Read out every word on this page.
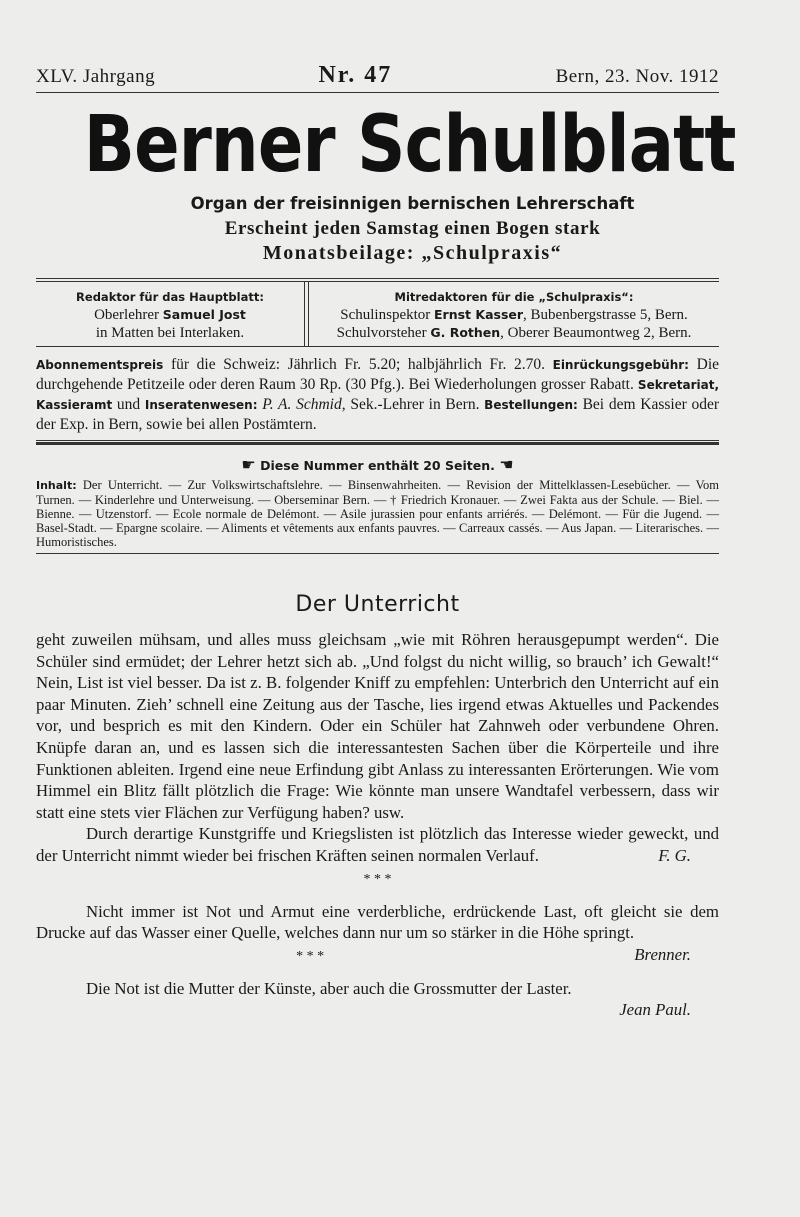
XLV. Jahrgang	Nr. 47	Bern, 23. Nov. 1912
Berner Schulblatt
Organ der freisinnigen bernischen Lehrerschaft
Erscheint jeden Samstag einen Bogen stark
Monatsbeilage: „Schulpraxis“
Redaktor für das Hauptblatt:
Oberlehrer Samuel Jost
in Matten bei Interlaken.
Mitredaktoren für die „Schulpraxis“:
Schulinspektor Ernst Kasser, Bubenbergstrasse 5, Bern.
Schulvorsteher G. Rothen, Oberer Beaumontweg 2, Bern.
Abonnementspreis für die Schweiz: Jährlich Fr. 5.20; halbjährlich Fr. 2.70. Einrückungsgebühr: Die durchgehende Petitzeile oder deren Raum 30 Rp. (30 Pfg.). Bei Wiederholungen grosser Rabatt. Sekretariat, Kassieramt und Inseratenwesen: P. A. Schmid, Sek.-Lehrer in Bern. Bestellungen: Bei dem Kassier oder der Exp. in Bern, sowie bei allen Postämtern.
☛ Diese Nummer enthält 20 Seiten. ☚
Inhalt: Der Unterricht. — Zur Volkswirtschaftslehre. — Binsenwahrheiten. — Revision der Mittelklassen-Lesebücher. — Vom Turnen. — Kinderlehre und Unterweisung. — Oberseminar Bern. — † Friedrich Kronauer. — Zwei Fakta aus der Schule. — Biel. — Bienne. — Utzenstorf. — Ecole normale de Delémont. — Asile jurassien pour enfants arriérés. — Delémont. — Für die Jugend. — Basel-Stadt. — Epargne scolaire. — Aliments et vêtements aux enfants pauvres. — Carreaux cassés. — Aus Japan. — Literarisches. — Humoristisches.
Der Unterricht

geht zuweilen mühsam, und alles muss gleichsam „wie mit Röhren herausgepumpt werden“. Die Schüler sind ermüdet; der Lehrer hetzt sich ab. „Und folgst du nicht willig, so brauch’ ich Gewalt!“ Nein, List ist viel besser. Da ist z. B. folgender Kniff zu empfehlen: Unterbrich den Unterricht auf ein paar Minuten. Zieh’ schnell eine Zeitung aus der Tasche, lies irgend etwas Aktuelles und Packendes vor, und besprich es mit den Kindern. Oder ein Schüler hat Zahnweh oder verbundene Ohren. Knüpfe daran an, und es lassen sich die interessantesten Sachen über die Körperteile und ihre Funktionen ableiten. Irgend eine neue Erfindung gibt Anlass zu interessanten Erörterungen. Wie vom Himmel ein Blitz fällt plötzlich die Frage: Wie könnte man unsere Wandtafel verbessern, dass wir statt eine stets vier Flächen zur Verfügung haben? usw.

Durch derartige Kunstgriffe und Kriegslisten ist plötzlich das Interesse wieder geweckt, und der Unterricht nimmt wieder bei frischen Kräften seinen normalen Verlauf.	F. G.

* * *

Nicht immer ist Not und Armut eine verderbliche, erdrückende Last, oft gleicht sie dem Drucke auf das Wasser einer Quelle, welches dann nur um so stärker in die Höhe springt.
Brenner.

* * *

Die Not ist die Mutter der Künste, aber auch die Grossmutter der Laster.

Jean Paul.
